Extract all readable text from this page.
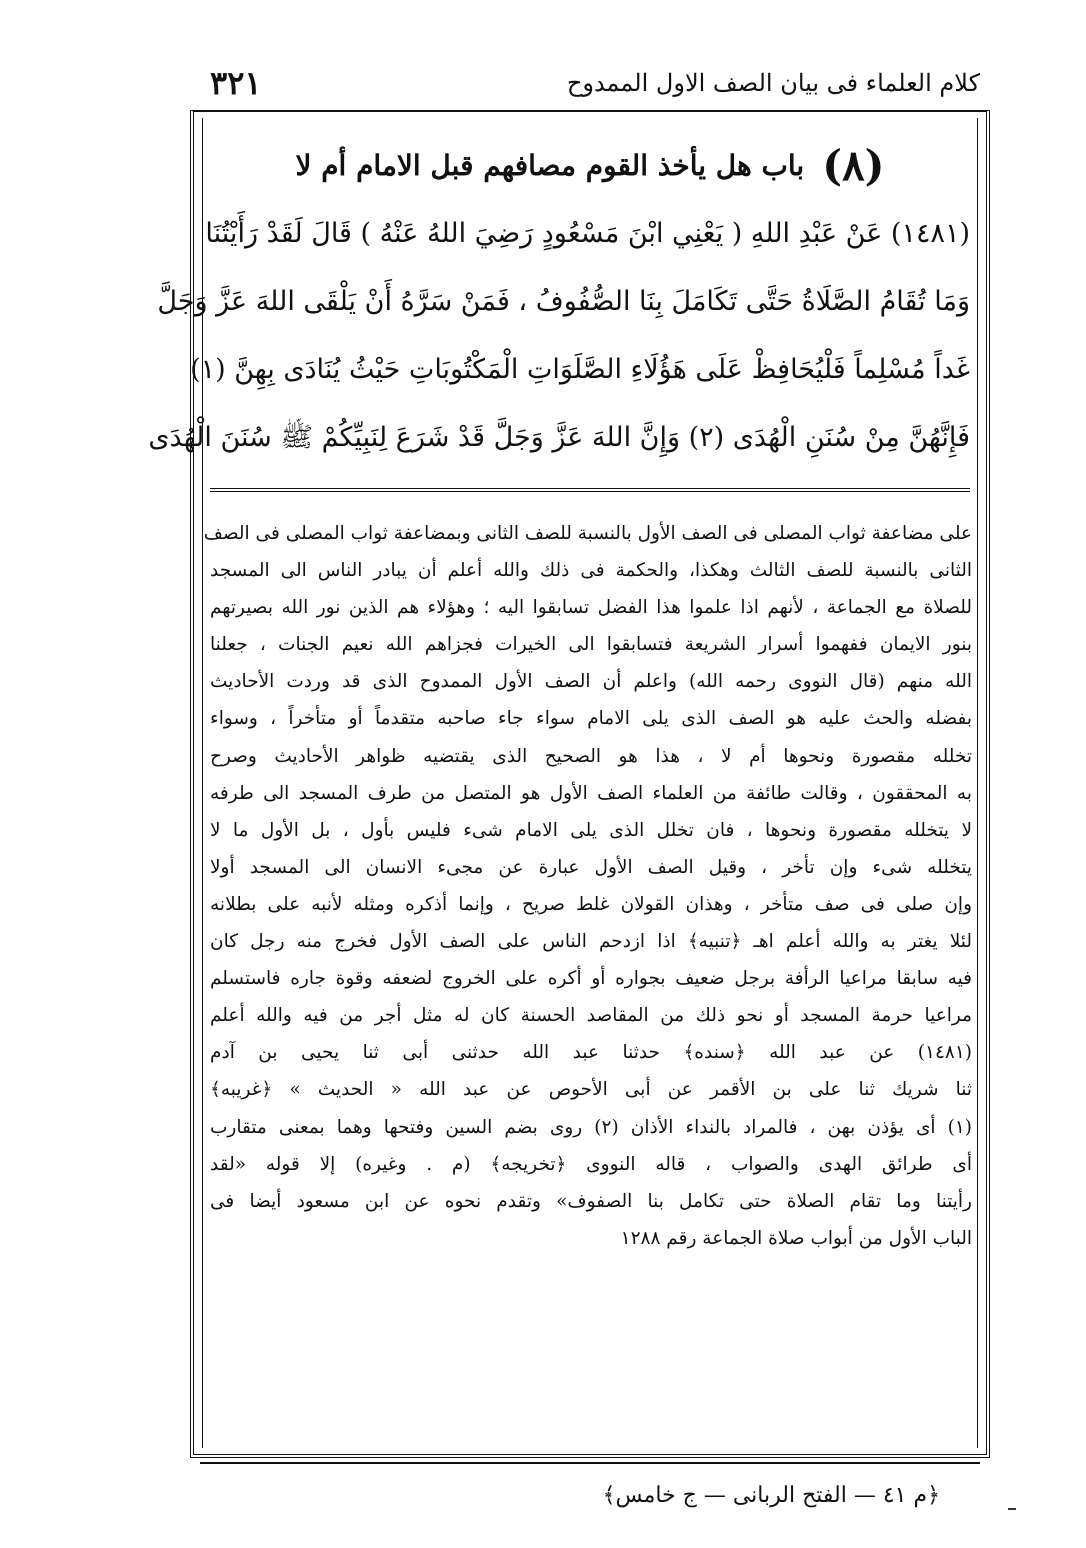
كلام العلماء فى بيان الصف الاول الممدوح
٣٢١
(٨)
باب هل يأخذ القوم مصافهم قبل الامام أم لا
(١٤٨١) عَنْ عَبْدِ اللهِ ( يَعْنِي ابْنَ مَسْعُودٍ رَضِيَ اللهُ عَنْهُ ) قَالَ لَقَدْ رَأَيْتُنَا
وَمَا تُقَامُ الصَّلَاةُ حَتَّى تَكَامَلَ بِنَا الصُّفُوفُ ، فَمَنْ سَرَّهُ أَنْ يَلْقَى اللهَ عَزَّ وَجَلَّ
غَداً مُسْلِماً فَلْيُحَافِظْ عَلَى هَؤُلَاءِ الصَّلَوَاتِ الْمَكْتُوبَاتِ حَيْثُ يُنَادَى بِهِنَّ (١)
فَإِنَّهُنَّ مِنْ سُنَنِ الْهُدَى (٢) وَإِنَّ اللهَ عَزَّ وَجَلَّ قَدْ شَرَعَ لِنَبِيِّكُمْ ﷺ سُنَنَ الْهُدَى
على مضاعفة ثواب المصلى فى الصف الأول بالنسبة للصف الثانى وبمضاعفة ثواب المصلى فى الصف
الثانى بالنسبة للصف الثالث وهكذا، والحكمة فى ذلك والله أعلم أن يبادر الناس الى المسجد
للصلاة مع الجماعة ، لأنهم اذا علموا هذا الفضل تسابقوا اليه ؛ وهؤلاء هم الذين نور الله بصيرتهم
بنور الايمان ففهموا أسرار الشريعة فتسابقوا الى الخيرات فجزاهم الله نعيم الجنات ، جعلنا
الله منهم (قال النووى رحمه الله) واعلم أن الصف الأول الممدوح الذى قد وردت الأحاديث
بفضله والحث عليه هو الصف الذى يلى الامام سواء جاء صاحبه متقدماً أو متأخراً ، وسواء
تخلله مقصورة ونحوها أم لا ، هذا هو الصحيح الذى يقتضيه ظواهر الأحاديث وصرح
به المحققون ، وقالت طائفة من العلماء الصف الأول هو المتصل من طرف المسجد الى طرفه
لا يتخلله مقصورة ونحوها ، فان تخلل الذى يلى الامام شىء فليس بأول ، بل الأول ما لا
يتخلله شىء وإن تأخر ، وقيل الصف الأول عبارة عن مجىء الانسان الى المسجد أولا
وإن صلى فى صف متأخر ، وهذان القولان غلط صريح ، وإنما أذكره ومثله لأنبه على بطلانه
لئلا يغتر به والله أعلم اهـ ﴿تنبيه﴾ اذا ازدحم الناس على الصف الأول فخرج منه رجل كان
فيه سابقا مراعيا الرأفة برجل ضعيف بجواره أو أكره على الخروج لضعفه وقوة جاره فاستسلم
مراعيا حرمة المسجد أو نحو ذلك من المقاصد الحسنة كان له مثل أجر من فيه والله أعلم
(١٤٨١) عن عبد الله ﴿سنده﴾ حدثنا عبد الله حدثنى أبى ثنا يحيى بن آدم
ثنا شريك ثنا على بن الأقمر عن أبى الأحوص عن عبد الله « الحديث » ﴿غريبه﴾
(١) أى يؤذن بهن ، فالمراد بالنداء الأذان (٢) روى بضم السين وفتحها وهما بمعنى متقارب
أى طرائق الهدى والصواب ، قاله النووى ﴿تخريجه﴾ (م . وغيره) إلا قوله «لقد
رأيتنا وما تقام الصلاة حتى تكامل بنا الصفوف» وتقدم نحوه عن ابن مسعود أيضا فى
الباب الأول من أبواب صلاة الجماعة رقم ١٢٨٨
﴿م ٤١ — الفتح الربانى — ج خامس﴾
